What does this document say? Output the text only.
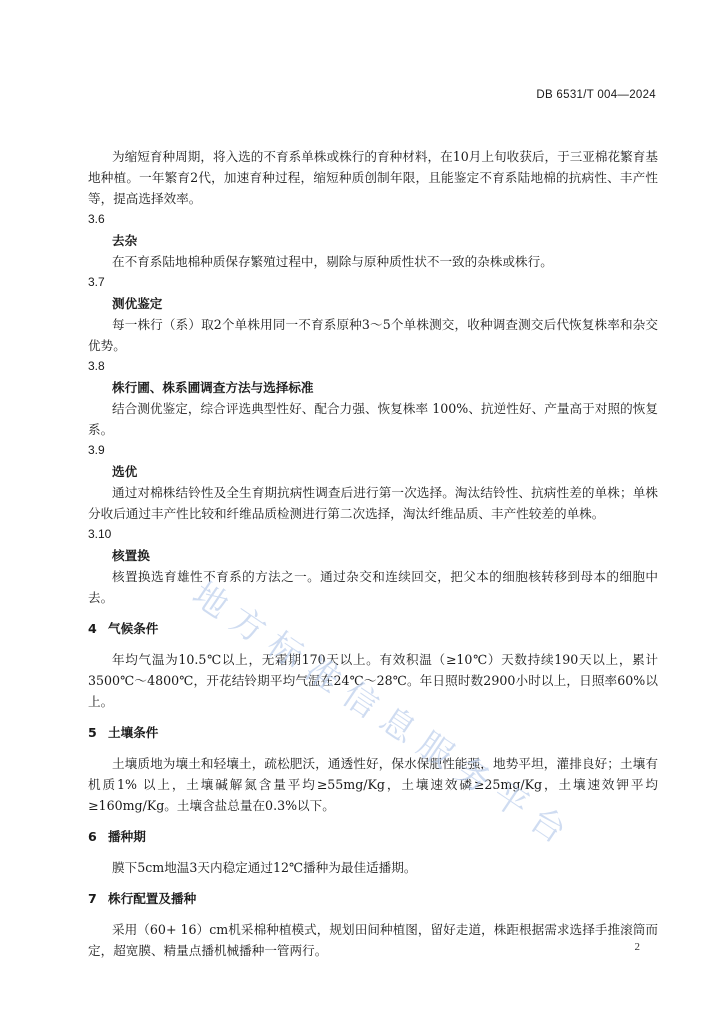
DB 6531/T 004—2024

为缩短育种周期，将入选的不育系单株或株行的育种材料，在10月上旬收获后，于三亚棉花繁育基地种植。一年繁育2代，加速育种过程，缩短种质创制年限，且能鉴定不育系陆地棉的抗病性、丰产性等，提高选择效率。

3.6

去杂

在不育系陆地棉种质保存繁殖过程中，剔除与原种质性状不一致的杂株或株行。

3.7

测优鉴定

每一株行（系）取2个单株用同一不育系原种3～5个单株测交，收种调查测交后代恢复株率和杂交优势。

3.8

株行圃、株系圃调查方法与选择标准

结合测优鉴定，综合评选典型性好、配合力强、恢复株率 100%、抗逆性好、产量高于对照的恢复系。

3.9

选优

通过对棉株结铃性及全生育期抗病性调查后进行第一次选择。淘汰结铃性、抗病性差的单株；单株分收后通过丰产性比较和纤维品质检测进行第二次选择，淘汰纤维品质、丰产性较差的单株。

3.10

核置换

核置换选育雄性不育系的方法之一。通过杂交和连续回交，把父本的细胞核转移到母本的细胞中去。

4 气候条件

年均气温为10.5℃以上，无霜期170天以上。有效积温（≥10℃）天数持续190天以上，累计3500℃～4800℃，开花结铃期平均气温在24℃～28℃。年日照时数2900小时以上，日照率60%以上。

5 土壤条件

土壤质地为壤土和轻壤土，疏松肥沃，通透性好，保水保肥性能强，地势平坦，灌排良好；土壤有机质1% 以上，土壤碱解氮含量平均≥55mg/Kg，土壤速效磷≥25mg/Kg，土壤速效钾平均≥160mg/Kg。土壤含盐总量在0.3%以下。

6 播种期

膜下5cm地温3天内稳定通过12℃播种为最佳适播期。

7 株行配置及播种

采用（60+ 16）cm机采棉种植模式，规划田间种植图，留好走道，株距根据需求选择手推滚筒而定，超宽膜、精量点播机械播种一管两行。

地
方
标
准
信
息
服
务
平
台
2
